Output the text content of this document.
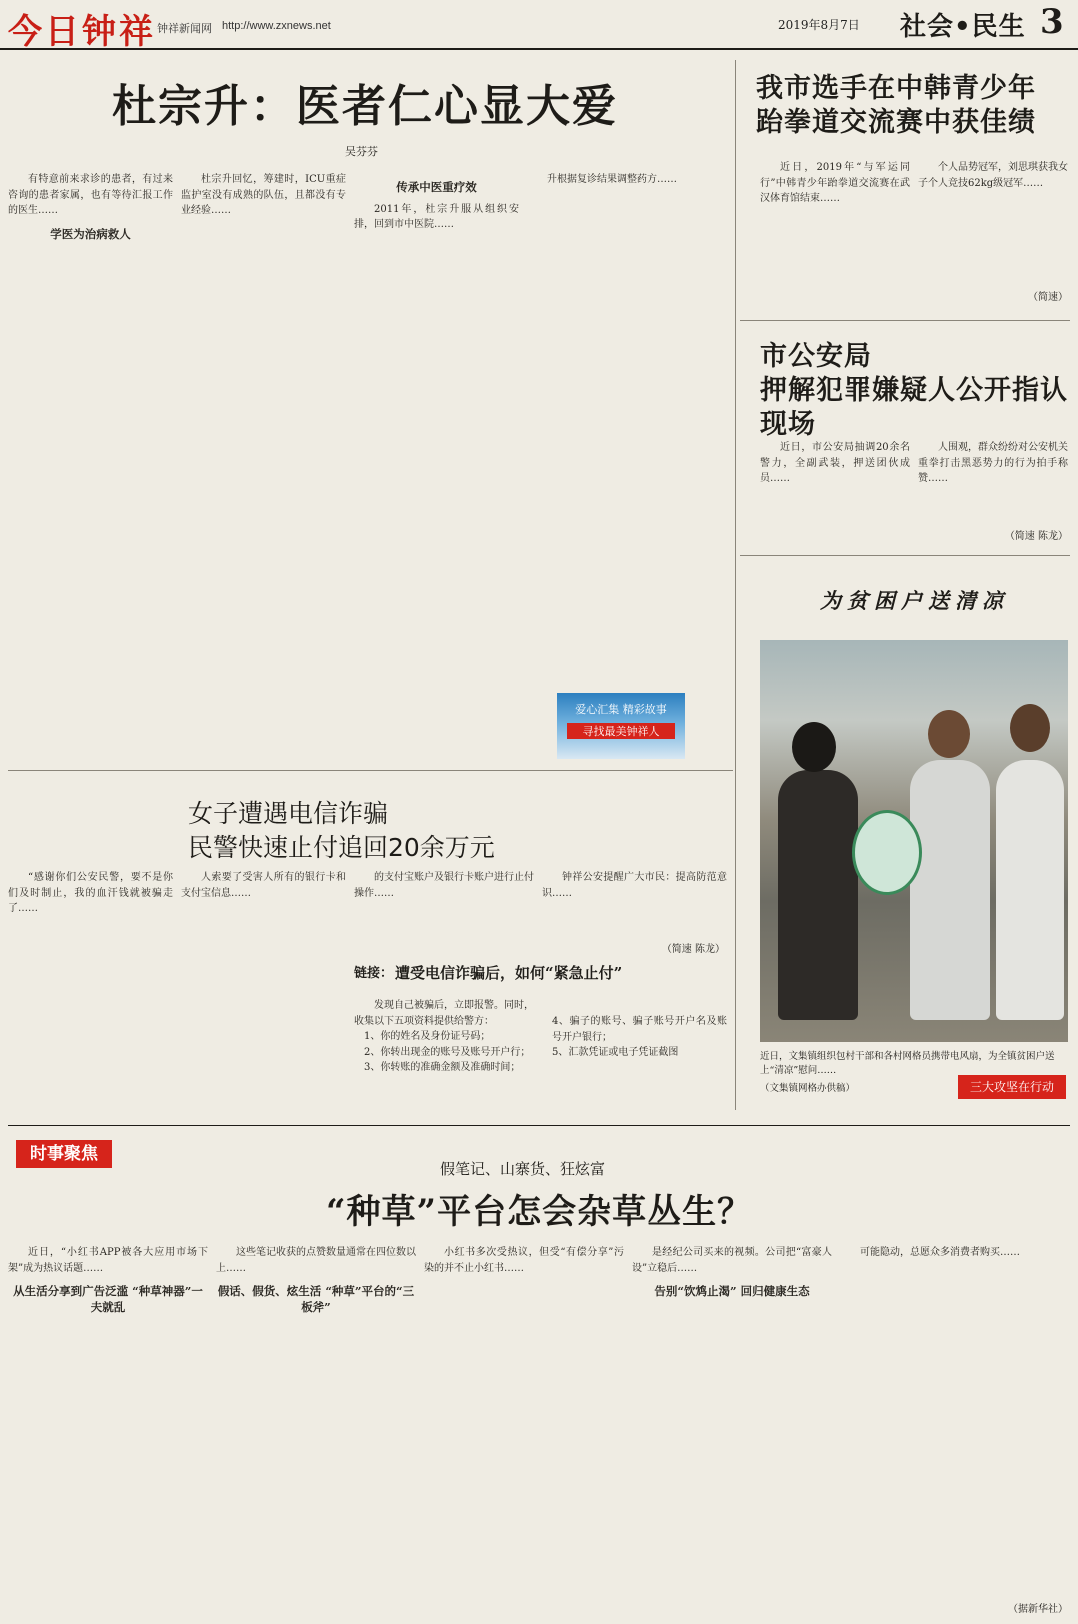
今日钟祥 钟祥新闻网 http://www.zxnews.net	2019年8月7日 社会•民生 3
杜宗升：医者仁心显大爱
吴芬芬

有特意前来求诊的患者，有过来咨询的患者家属，也有等待汇报工作的医生……

学医为治病救人

杜宗升回忆，筹建时，ICU重症监护室没有成熟的队伍，且都没有专业经验……

传承中医重疗效

2011年，杜宗升服从组织安排，回到市中医院……

升根据复诊结果调整药方……

爱心汇集 精彩故事
寻找最美钟祥人
我市选手在中韩青少年
跆拳道交流赛中获佳绩

近日，2019年“与军运同行”中韩青少年跆拳道交流赛在武汉体育馆结束……

个人品势冠军，刘思琪获我女子个人竞技62kg级冠军……

（简速）
市公安局
押解犯罪嫌疑人公开指认现场

近日，市公安局抽调20余名警力，全副武装，押送团伙成员……

人围观，群众纷纷对公安机关重拳打击黑恶势力的行为拍手称赞……

（简速 陈龙）
为贫困户送清凉
近日，文集镇组织包村干部和各村网格员携带电风扇，为全镇贫困户送上“清凉”慰问……
（文集镇网格办供稿）	三大攻坚在行动
女子遭遇电信诈骗
民警快速止付追回20余万元

“感谢你们公安民警，要不是你们及时制止，我的血汗钱就被骗走了……

人索要了受害人所有的银行卡和支付宝信息……

的支付宝账户及银行卡账户进行止付操作……

钟祥公安提醒广大市民：提高防范意识……

（简速 陈龙）
链接： 遭受电信诈骗后，如何“紧急止付”

发现自己被骗后，立即报警。同时，收集以下五项资料提供给警方：

1、你的姓名及身份证号码；
2、你转出现金的账号及账号开户行；
3、你转账的准确金额及准确时间；
4、骗子的账号、骗子账号开户名及账号开户银行；
5、汇款凭证或电子凭证截图
时事聚焦
假笔记、山寨货、狂炫富
“种草”平台怎会杂草丛生？

近日，“小红书APP被各大应用市场下架”成为热议话题……

从生活分享到广告泛滥 “种草神器”一夫就乱

这些笔记收获的点赞数量通常在四位数以上……

假话、假货、炫生活 “种草”平台的“三板斧”

小红书多次受热议，但受“有偿分享”污染的并不止小红书……

是经纪公司买来的视频。公司把“富豪人设”立稳后……

告别“饮鸩止渴” 回归健康生态

可能隐动，总愿众多消费者购买……

（据新华社）
